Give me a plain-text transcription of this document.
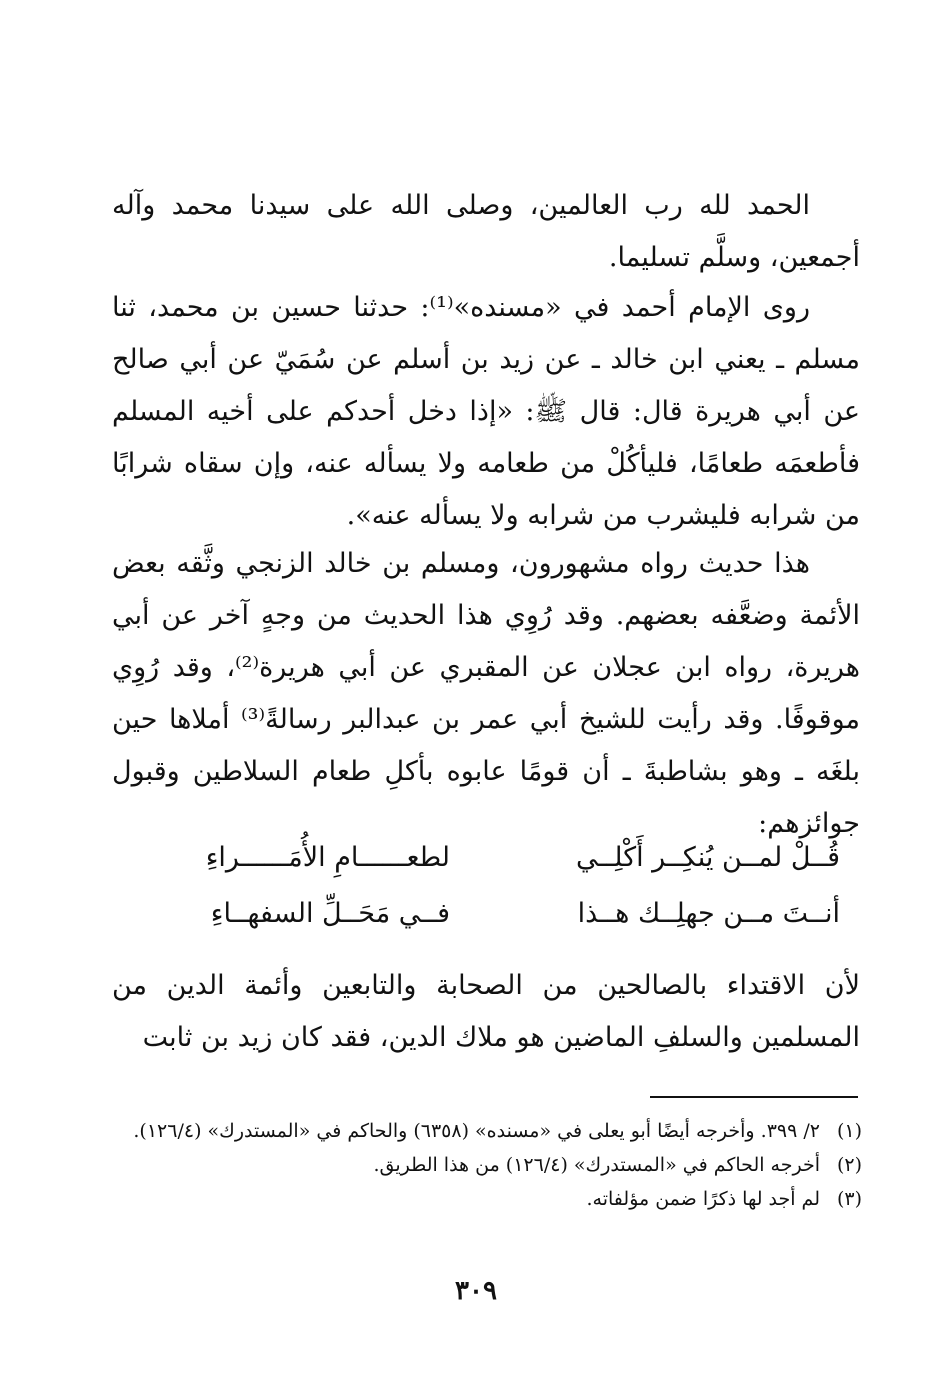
الحمد لله رب العالمين، وصلى الله على سيدنا محمد وآله أجمعين، وسلَّم تسليما.

روى الإمام أحمد في «مسنده»⁽¹⁾: حدثنا حسين بن محمد، ثنا مسلم ـ يعني ابن خالد ـ عن زيد بن أسلم عن سُمَيّ عن أبي صالح عن أبي هريرة قال: قال ﷺ: «إذا دخل أحدكم على أخيه المسلم فأطعمَه طعامًا، فليأكُلْ من طعامه ولا يسأله عنه، وإن سقاه شرابًا من شرابه فليشرب من شرابه ولا يسأله عنه».

هذا حديث رواه مشهورون، ومسلم بن خالد الزنجي وثَّقه بعض الأئمة وضعَّفه بعضهم. وقد رُوِي هذا الحديث من وجهٍ آخر عن أبي هريرة، رواه ابن عجلان عن المقبري عن أبي هريرة⁽²⁾، وقد رُوِي موقوفًا. وقد رأيت للشيخ أبي عمر بن عبدالبر رسالةً⁽³⁾ أملاها حين بلغَه ـ وهو بشاطبةَ ـ أن قومًا عابوه بأكلِ طعام السلاطين وقبول جوائزهم:

قُــلْ لمــن يُنكِــر أَكْلِــي
لطعــــــامِ الأُمَــــــراءِ
أنــتَ مــن جهلِــك هــذا
فــي مَحَــلِّ السفهــاءِ

لأن الاقتداء بالصالحين من الصحابة والتابعين وأئمة الدين من المسلمين والسلفِ الماضين هو ملاك الدين، فقد كان زيد بن ثابت

(١)
٢/ ٣٩٩. وأخرجه أيضًا أبو يعلى في «مسنده» (٦٣٥٨) والحاكم في «المستدرك» (١٢٦/٤).
(٢)
أخرجه الحاكم في «المستدرك» (١٢٦/٤) من هذا الطريق.
(٣)
لم أجد لها ذكرًا ضمن مؤلفاته.
٣٠٩
